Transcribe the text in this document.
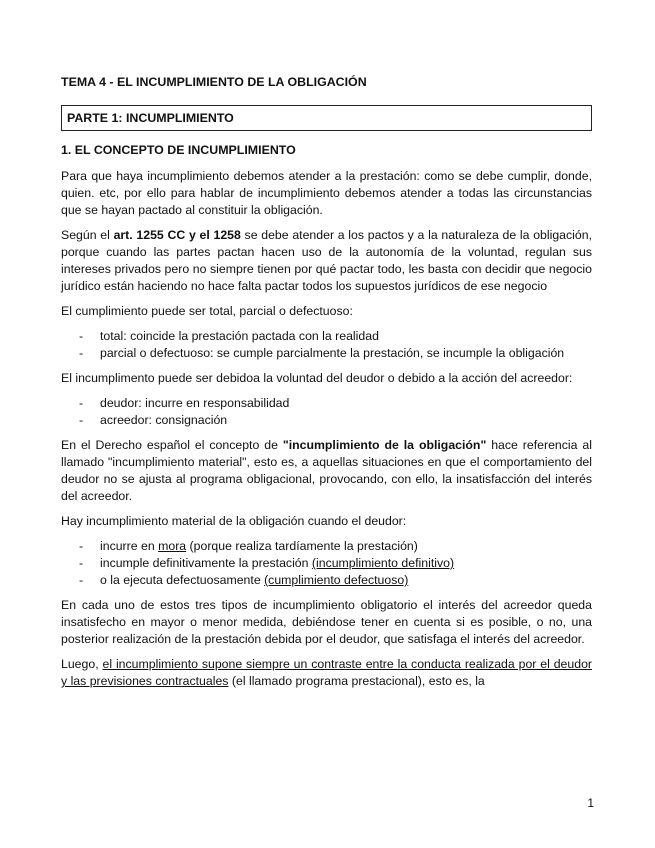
TEMA 4 - EL INCUMPLIMIENTO DE LA OBLIGACIÓN
PARTE 1: INCUMPLIMIENTO
1. EL CONCEPTO DE INCUMPLIMIENTO

Para que haya incumplimiento debemos atender a la prestación: como se debe cumplir, donde, quien. etc, por ello para hablar de incumplimiento debemos atender a todas las circunstancias que se hayan pactado al constituir la obligación.

Según el art. 1255 CC y el 1258 se debe atender a los pactos y a la naturaleza de la obligación, porque cuando las partes pactan hacen uso de la autonomía de la voluntad, regulan sus intereses privados pero no siempre tienen por qué pactar todo, les basta con decidir que negocio jurídico están haciendo no hace falta pactar todos los supuestos jurídicos de ese negocio

El cumplimiento puede ser total, parcial o defectuoso:

- total: coincide la prestación pactada con la realidad
- parcial o defectuoso: se cumple parcialmente la prestación, se incumple la obligación

El incumplimento puede ser debidoa la voluntad del deudor o debido a la acción del acreedor:

- deudor: incurre en responsabilidad
- acreedor: consignación

En el Derecho español el concepto de "incumplimiento de la obligación" hace referencia al llamado "incumplimiento material", esto es, a aquellas situaciones en que el comportamiento del deudor no se ajusta al programa obligacional, provocando, con ello, la insatisfacción del interés del acreedor.

Hay incumplimiento material de la obligación cuando el deudor:

- incurre en mora (porque realiza tardíamente la prestación)
- incumple definitivamente la prestación (incumplimiento definitivo)
- o la ejecuta defectuosamente (cumplimiento defectuoso)

En cada uno de estos tres tipos de incumplimiento obligatorio el interés del acreedor queda insatisfecho en mayor o menor medida, debiéndose tener en cuenta si es posible, o no, una posterior realización de la prestación debida por el deudor, que satisfaga el interés del acreedor.

Luego, el incumplimiento supone siempre un contraste entre la conducta realizada por el deudor y las previsiones contractuales (el llamado programa prestacional), esto es, la

1
